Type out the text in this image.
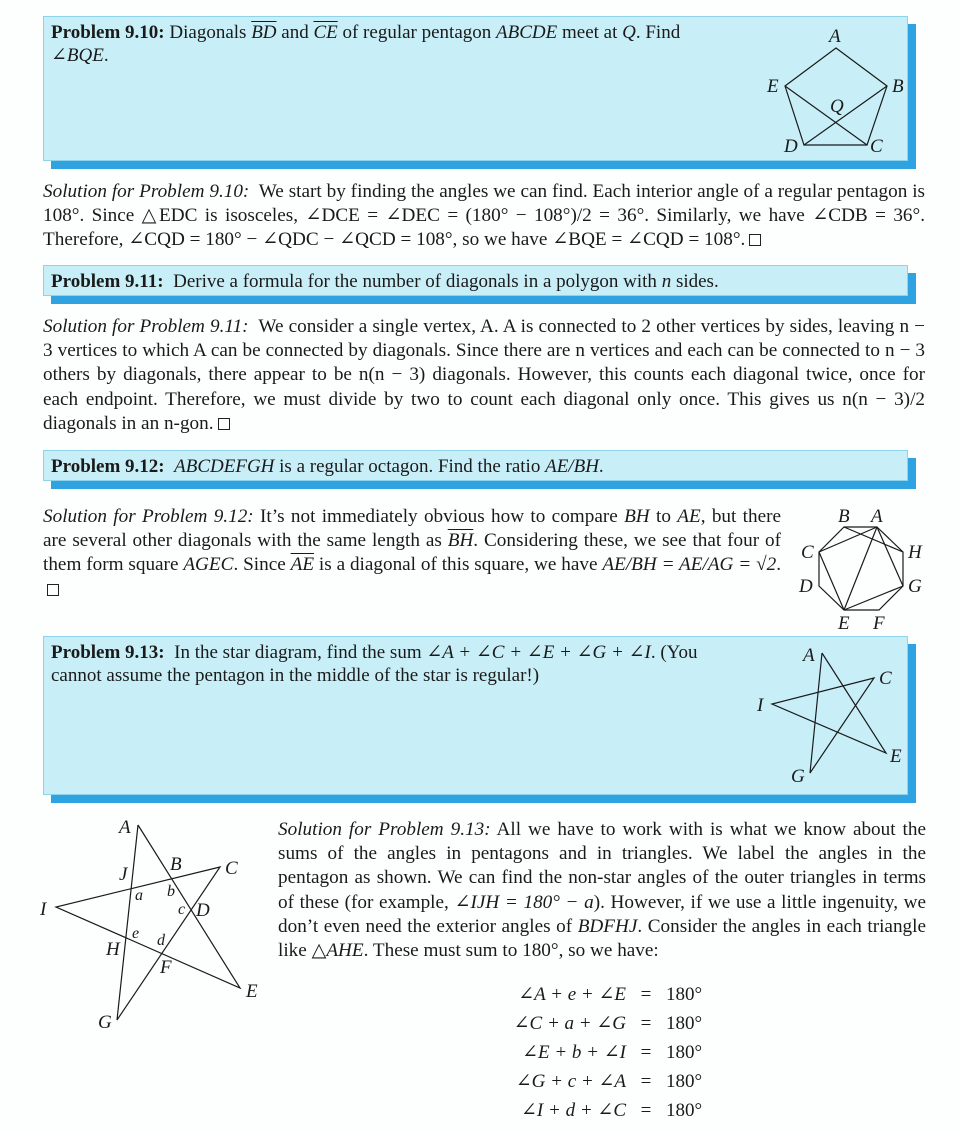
Problem 9.10: Diagonals $\overline{BD}$ and $\overline{CE}$ of regular pentagon ABCDE meet at Q. Find
∠BQE.
A
B
C
D
E
Q
Solution for Problem 9.10: We start by finding the angles we can find. Each interior angle of a regular pentagon is 108°. Since △EDC is isosceles, ∠DCE = ∠DEC = (180° − 108°)/2 = 36°. Similarly, we have ∠CDB = 36°. Therefore, ∠CQD = 180° − ∠QDC − ∠QCD = 108°, so we have ∠BQE = ∠CQD = 108°.
Problem 9.11: Derive a formula for the number of diagonals in a polygon with n sides.
Solution for Problem 9.11: We consider a single vertex, A. A is connected to 2 other vertices by sides, leaving n − 3 vertices to which A can be connected by diagonals. Since there are n vertices and each can be connected to n − 3 others by diagonals, there appear to be n(n − 3) diagonals. However, this counts each diagonal twice, once for each endpoint. Therefore, we must divide by two to count each diagonal only once. This gives us n(n − 3)/2 diagonals in an n-gon.
Problem 9.12: ABCDEFGH is a regular octagon. Find the ratio AE/BH.
Solution for Problem 9.12: It’s not immediately obvious how to compare BH to AE, but there are several other diagonals with the same length as $\overline{BH}$. Considering these, we see that four of them form square AGEC. Since $\overline{AE}$ is a diagonal of this square, we have AE/BH = AE/AG = √2.
A
B
C
D
E F
G
H
Problem 9.13: In the star diagram, find the sum ∠A + ∠C + ∠E + ∠G + ∠I. (You cannot assume the pentagon in the middle of the star is regular!)
A
C
E
G
I
A
B C
D
E
F
G
H
I
J
a b
c
d
e
Solution for Problem 9.13: All we have to work with is what we know about the sums of the angles in pentagons and in triangles. We label the angles in the pentagon as shown. We can find the non-star angles of the outer triangles in terms of these (for example, ∠IJH = 180° − a). However, if we use a little ingenuity, we don’t even need the exterior angles of BDFHJ. Consider the angles in each triangle like △AHE. These must sum to 180°, so we have:
∠A + e + ∠E = 180°
∠C + a + ∠G = 180°
∠E + b + ∠I = 180°
∠G + c + ∠A = 180°
∠I + d + ∠C = 180°
